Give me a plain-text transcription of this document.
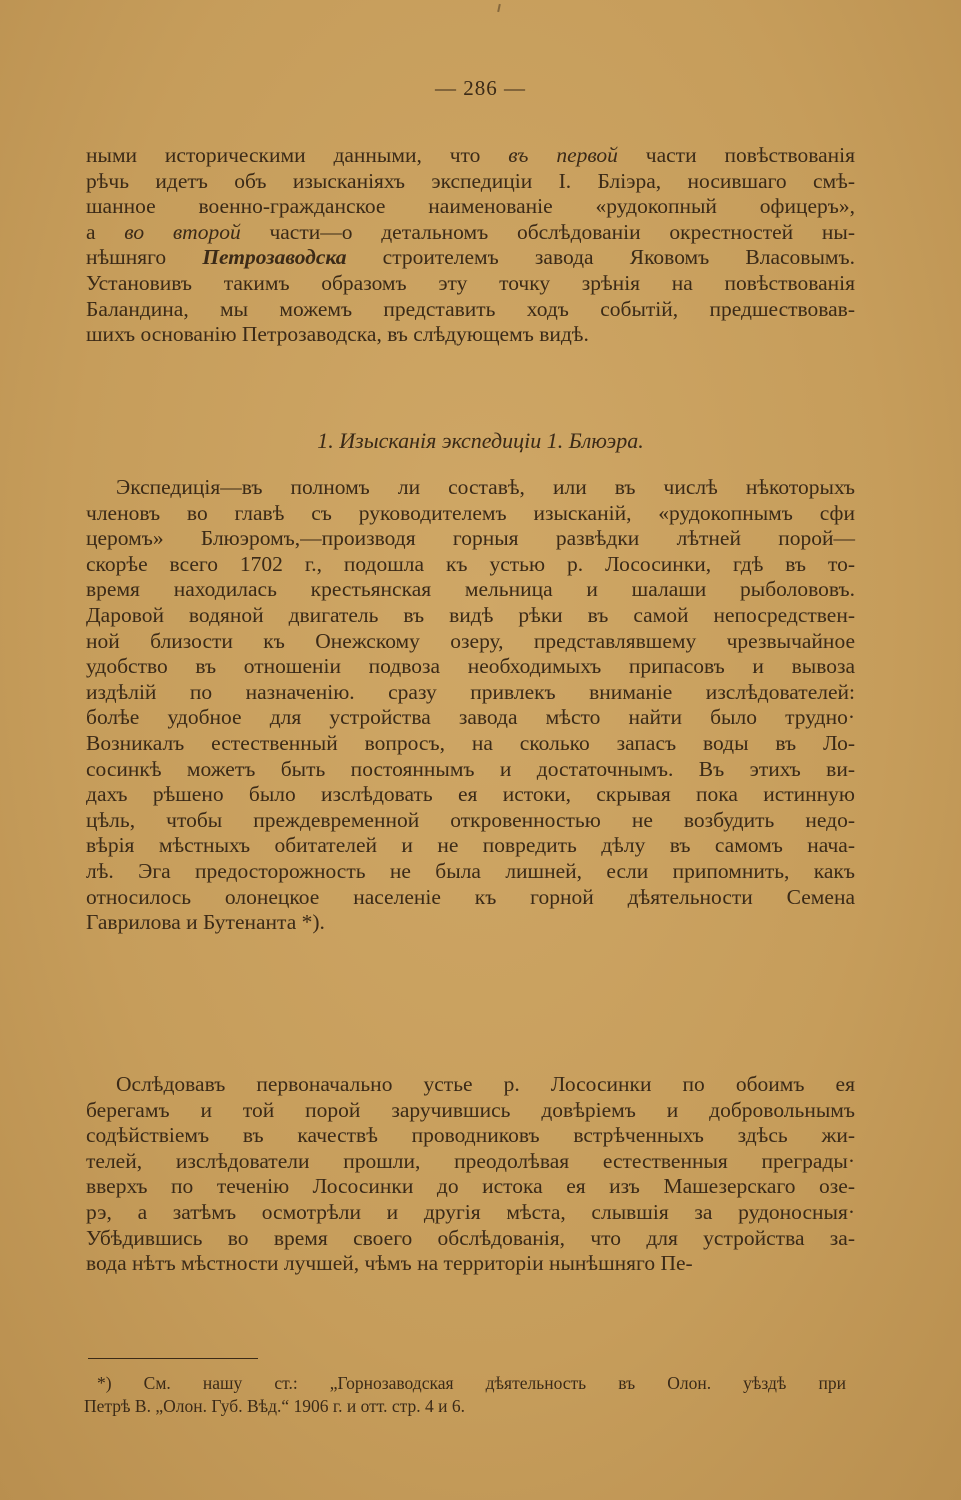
— 286 —
ными историческими данными, что въ первой части повѣствованія
рѣчь идетъ объ изысканіяхъ экспедиціи I. Бліэра, носившаго смѣ-
шанное военно-гражданское наименованіе «рудокопный офицеръ»,
а во второй части—о детальномъ обслѣдованіи окрестностей ны-
нѣшняго Петрозаводска строителемъ завода Яковомъ Власовымъ.
Установивъ такимъ образомъ эту точку зрѣнія на повѣствованія
Баландина, мы можемъ представить ходъ событій, предшествовав-
шихъ основанію Петрозаводска, въ слѣдующемъ видѣ.
1. Изысканія экспедиціи 1. Блюэра.
Экспедиція—въ полномъ ли составѣ, или въ числѣ нѣкоторыхъ
членовъ во главѣ съ руководителемъ изысканій, «рудокопнымъ сфи
церомъ» Блюэромъ,—производя горныя развѣдки лѣтней порой—
скорѣе всего 1702 г., подошла къ устью р. Лососинки, гдѣ въ то-
время находилась крестьянская мельница и шалаши рыболововъ.
Даровой водяной двигатель въ видѣ рѣки въ самой непосредствен-
ной близости къ Онежскому озеру, представлявшему чрезвычайное
удобство въ отношеніи подвоза необходимыхъ припасовъ и вывоза
издѣлій по назначенію. сразу привлекъ вниманіе изслѣдователей:
болѣе удобное для устройства завода мѣсто найти было трудно·
Возникалъ естественный вопросъ, на сколько запасъ воды въ Ло-
сосинкѣ можетъ быть постояннымъ и достаточнымъ. Въ этихъ ви-
дахъ рѣшено было изслѣдовать ея истоки, скрывая пока истинную
цѣль, чтобы преждевременной откровенностью не возбудить недо-
вѣрія мѣстныхъ обитателей и не повредить дѣлу въ самомъ нача-
лѣ. Эга предосторожность не была лишней, если припомнить, какъ
относилось олонецкое населеніе къ горной дѣятельности Семена
Гаврилова и Бутенанта *).
Ослѣдовавъ первоначально устье р. Лососинки по обоимъ ея
берегамъ и той порой заручившись довѣріемъ и добровольнымъ
содѣйствіемъ въ качествѣ проводниковъ встрѣченныхъ здѣсь жи-
телей, изслѣдователи прошли, преодолѣвая естественныя преграды·
вверхъ по теченію Лососинки до истока ея изъ Машезерскаго озе-
рэ, а затѣмъ осмотрѣли и другія мѣста, слывшія за рудоносныя·
Убѣдившись во время своего обслѣдованія, что для устройства за-
вода нѣтъ мѣстности лучшей, чѣмъ на территоріи нынѣшняго Пе-
*) См. нашу ст.: „Горнозаводская дѣятельность въ Олон. уѣздѣ при
Петрѣ В. „Олон. Губ. Вѣд.“ 1906 г. и отт. стр. 4 и 6.
